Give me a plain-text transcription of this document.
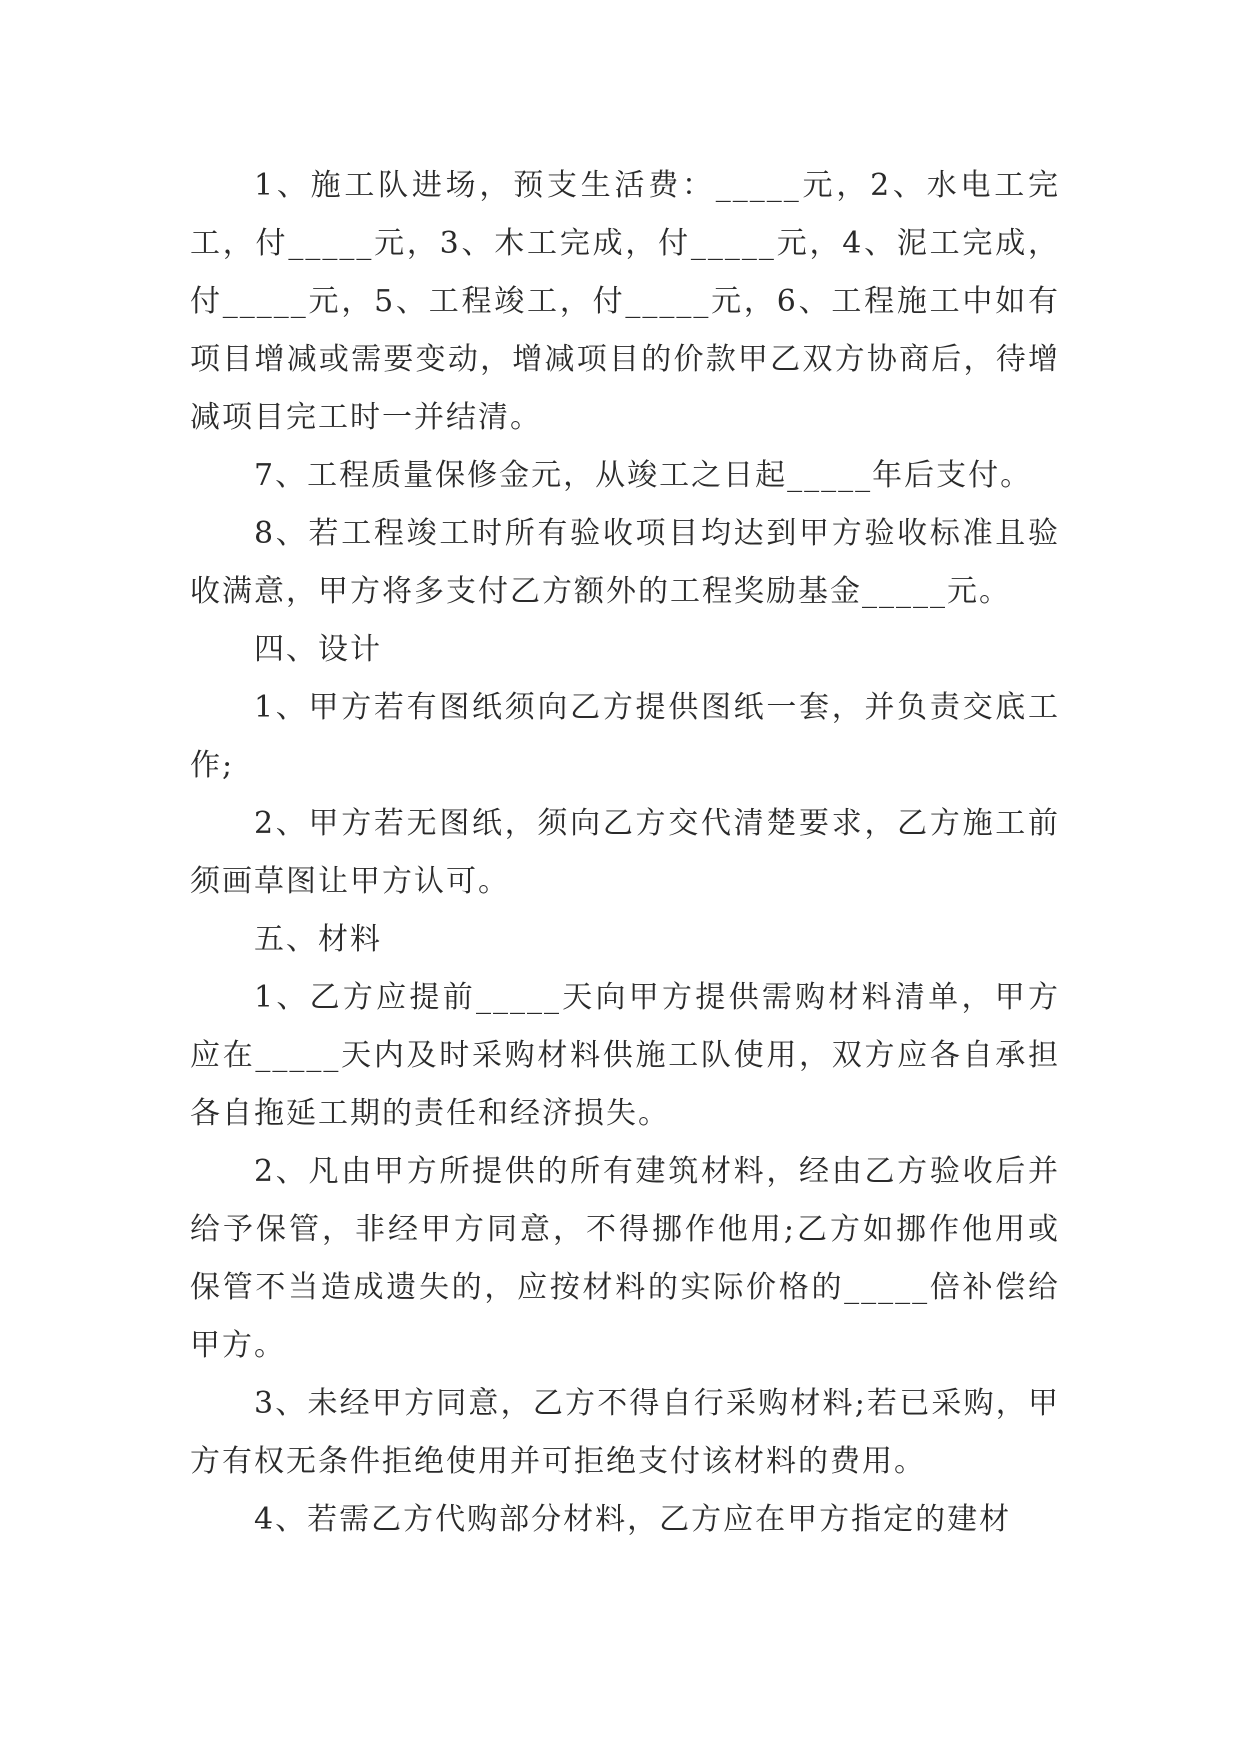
1、施工队进场，预支生活费：_____元，2、水电工完工，付_____元，3、木工完成，付_____元，4、泥工完成，付_____元，5、工程竣工，付_____元，6、工程施工中如有项目增减或需要变动，增减项目的价款甲乙双方协商后，待增减项目完工时一并结清。

7、工程质量保修金元，从竣工之日起_____年后支付。

8、若工程竣工时所有验收项目均达到甲方验收标准且验收满意，甲方将多支付乙方额外的工程奖励基金_____元。

四、设计

1、甲方若有图纸须向乙方提供图纸一套，并负责交底工作;

2、甲方若无图纸，须向乙方交代清楚要求，乙方施工前须画草图让甲方认可。

五、材料

1、乙方应提前_____天向甲方提供需购材料清单，甲方应在_____天内及时采购材料供施工队使用，双方应各自承担各自拖延工期的责任和经济损失。

2、凡由甲方所提供的所有建筑材料，经由乙方验收后并给予保管，非经甲方同意，不得挪作他用;乙方如挪作他用或保管不当造成遗失的，应按材料的实际价格的_____倍补偿给甲方。

3、未经甲方同意，乙方不得自行采购材料;若已采购，甲方有权无条件拒绝使用并可拒绝支付该材料的费用。

4、若需乙方代购部分材料，乙方应在甲方指定的建材
